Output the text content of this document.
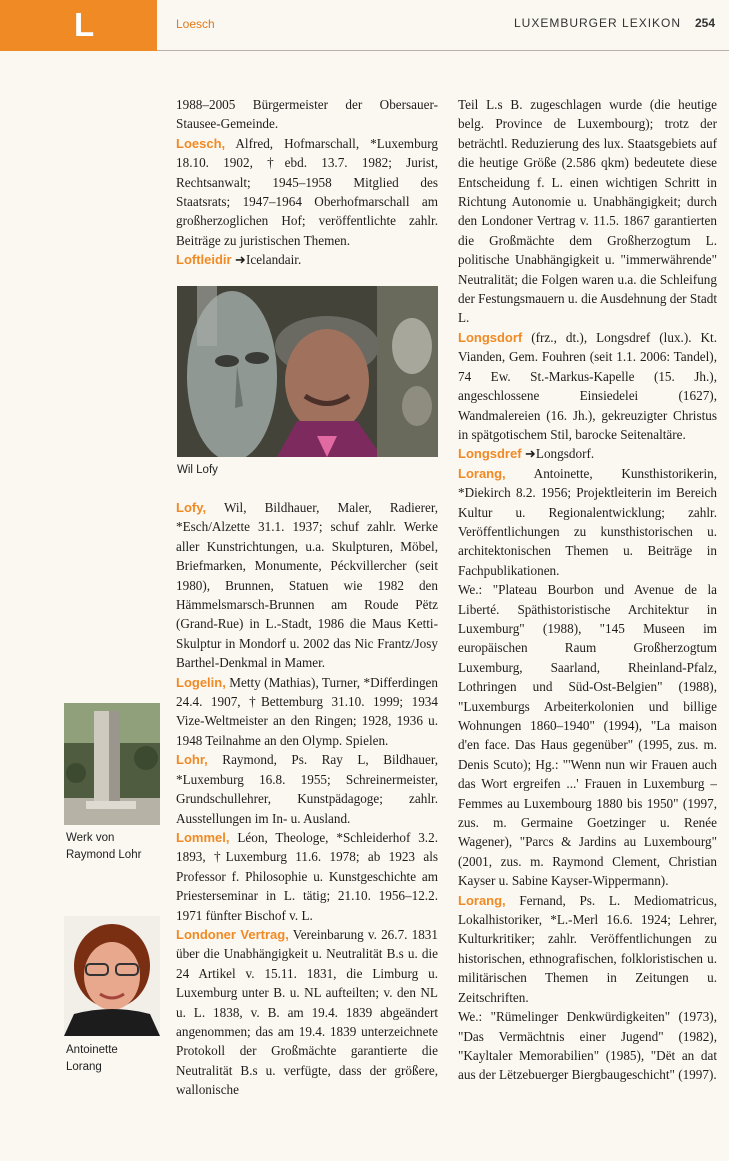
L	Loesch	LUXEMBURGER LEXIKON 254

1988–2005 Bürgermeister der Obersauer-Stausee-Gemeinde.

Loesch, Alfred, Hofmarschall, *Luxemburg 18.10. 1902, †ebd. 13.7. 1982; Jurist, Rechtsanwalt; 1945–1958 Mitglied des Staatsrats; 1947–1964 Oberhofmarschall am großherzoglichen Hof; veröffentlichte zahlr. Beiträge zu juristischen Themen.

Loftleidir ➜Icelandair.

Wil Lofy

Lofy, Wil, Bildhauer, Maler, Radierer, *Esch/Alzette 31.1. 1937; schuf zahlr. Werke aller Kunstrichtungen, u.a. Skulpturen, Möbel, Briefmarken, Monumente, Péckvillercher (seit 1980), Brunnen, Statuen wie 1982 den Hämmelsmarsch-Brunnen am Roude Pëtz (Grand-Rue) in L.-Stadt, 1986 die Maus Ketti-Skulptur in Mondorf u. 2002 das Nic Frantz/Josy Barthel-Denkmal in Mamer.

Logelin, Metty (Mathias), Turner, *Differdingen 24.4. 1907, †Bettemburg 31.10. 1999; 1934 Vize-Weltmeister an den Ringen; 1928, 1936 u. 1948 Teilnahme an den Olymp. Spielen.

Lohr, Raymond, Ps. Ray L, Bildhauer, *Luxemburg 16.8. 1955; Schreinermeister, Grundschullehrer, Kunstpädagoge; zahlr. Ausstellungen im In- u. Ausland.

Lommel, Léon, Theologe, *Schleiderhof 3.2. 1893, †Luxemburg 11.6. 1978; ab 1923 als Professor f. Philosophie u. Kunstgeschichte am Priesterseminar in L. tätig; 21.10. 1956–12.2. 1971 fünfter Bischof v. L.

Londoner Vertrag, Vereinbarung v. 26.7. 1831 über die Unabhängigkeit u. Neutralität B.s u. die 24 Artikel v. 15.11. 1831, die Limburg u. Luxemburg unter B. u. NL aufteilten; v. den NL u. L. 1838, v. B. am 19.4. 1839 abgeändert angenommen; das am 19.4. 1839 unterzeichnete Protokoll der Großmächte garantierte die Neutralität B.s u. verfügte, dass der größere, wallonische

Werk von
Raymond Lohr
Antoinette
Lorang

Teil L.s B. zugeschlagen wurde (die heutige belg. Province de Luxembourg); trotz der beträchtl. Reduzierung des lux. Staatsgebiets auf die heutige Größe (2.586 qkm) bedeutete diese Entscheidung f. L. einen wichtigen Schritt in Richtung Autonomie u. Unabhängigkeit; durch den Londoner Vertrag v. 11.5. 1867 garantierten die Großmächte dem Großherzogtum L. politische Unabhängigkeit u. "immerwährende" Neutralität; die Folgen waren u.a. die Schleifung der Festungsmauern u. die Ausdehnung der Stadt L.

Longsdorf (frz., dt.), Longsdref (lux.). Kt. Vianden, Gem. Fouhren (seit 1.1. 2006: Tandel), 74 Ew. St.-Markus-Kapelle (15. Jh.), angeschlossene Einsiedelei (1627), Wandmalereien (16. Jh.), gekreuzigter Christus in spätgotischem Stil, barocke Seitenaltäre.

Longsdref ➜Longsdorf.

Lorang, Antoinette, Kunsthistorikerin, *Diekirch 8.2. 1956; Projektleiterin im Bereich Kultur u. Regionalentwicklung; zahlr. Veröffentlichungen zu kunsthistorischen u. architektonischen Themen u. Beiträge in Fachpublikationen.

We.: "Plateau Bourbon und Avenue de la Liberté. Späthistoristische Architektur in Luxemburg" (1988), "145 Museen im europäischen Raum Großherzogtum Luxemburg, Saarland, Rheinland-Pfalz, Lothringen und Süd-Ost-Belgien" (1988), "Luxemburgs Arbeiterkolonien und billige Wohnungen 1860–1940" (1994), "La maison d'en face. Das Haus gegenüber" (1995, zus. m. Denis Scuto); Hg.: "'Wenn nun wir Frauen auch das Wort ergreifen ...' Frauen in Luxemburg – Femmes au Luxembourg 1880 bis 1950" (1997, zus. m. Germaine Goetzinger u. Renée Wagener), "Parcs & Jardins au Luxembourg" (2001, zus. m. Raymond Clement, Christian Kayser u. Sabine Kayser-Wippermann).

Lorang, Fernand, Ps. L. Mediomatricus, Lokalhistoriker, *L.-Merl 16.6. 1924; Lehrer, Kulturkritiker; zahlr. Veröffentlichungen zu historischen, ethnografischen, folkloristischen u. militärischen Themen in Zeitungen u. Zeitschriften.

We.: "Rümelinger Denkwürdigkeiten" (1973), "Das Vermächtnis einer Jugend" (1982), "Kayltaler Memorabilien" (1985), "Dët an dat aus der Lëtzebuerger Biergbaugeschicht" (1997).
